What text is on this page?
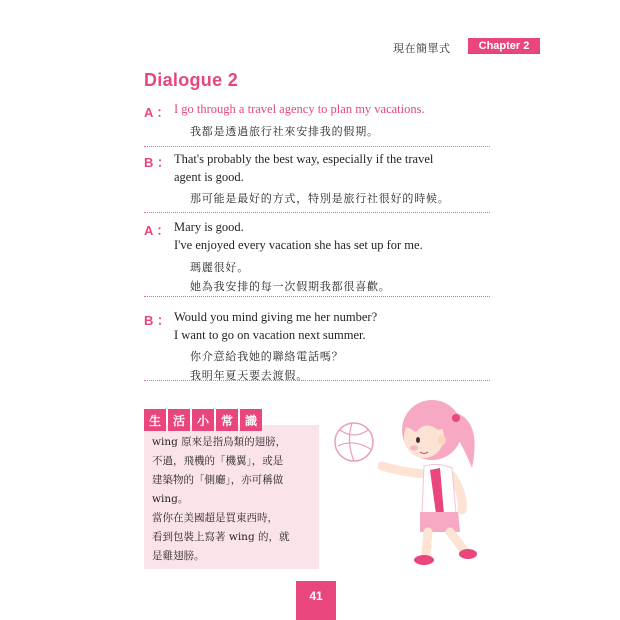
現在簡單式	Chapter 2
Dialogue 2
A ： I go through a travel agency to plan my vacations.
我都是透過旅行社來安排我的假期。
B ： That's probably the best way, especially if the travel
agent is good.
那可能是最好的方式，特別是旅行社很好的時候。
A ： Mary is good.
I've enjoyed every vacation she has set up for me.
瑪麗很好。
她為我安排的每一次假期我都很喜歡。
B ： Would you mind giving me her number?
I want to go on vacation next summer.
你介意給我她的聯絡電話嗎？
我明年夏天要去渡假。
生 活 小 常 識
wing 原來是指鳥類的翅膀，
不過，飛機的「機翼」，或是
建築物的「側廳」，亦可稱做
wing。
當你在美國超是買東西時，
看到包裝上寫著 wing 的，就
是雞翅膀。
41
